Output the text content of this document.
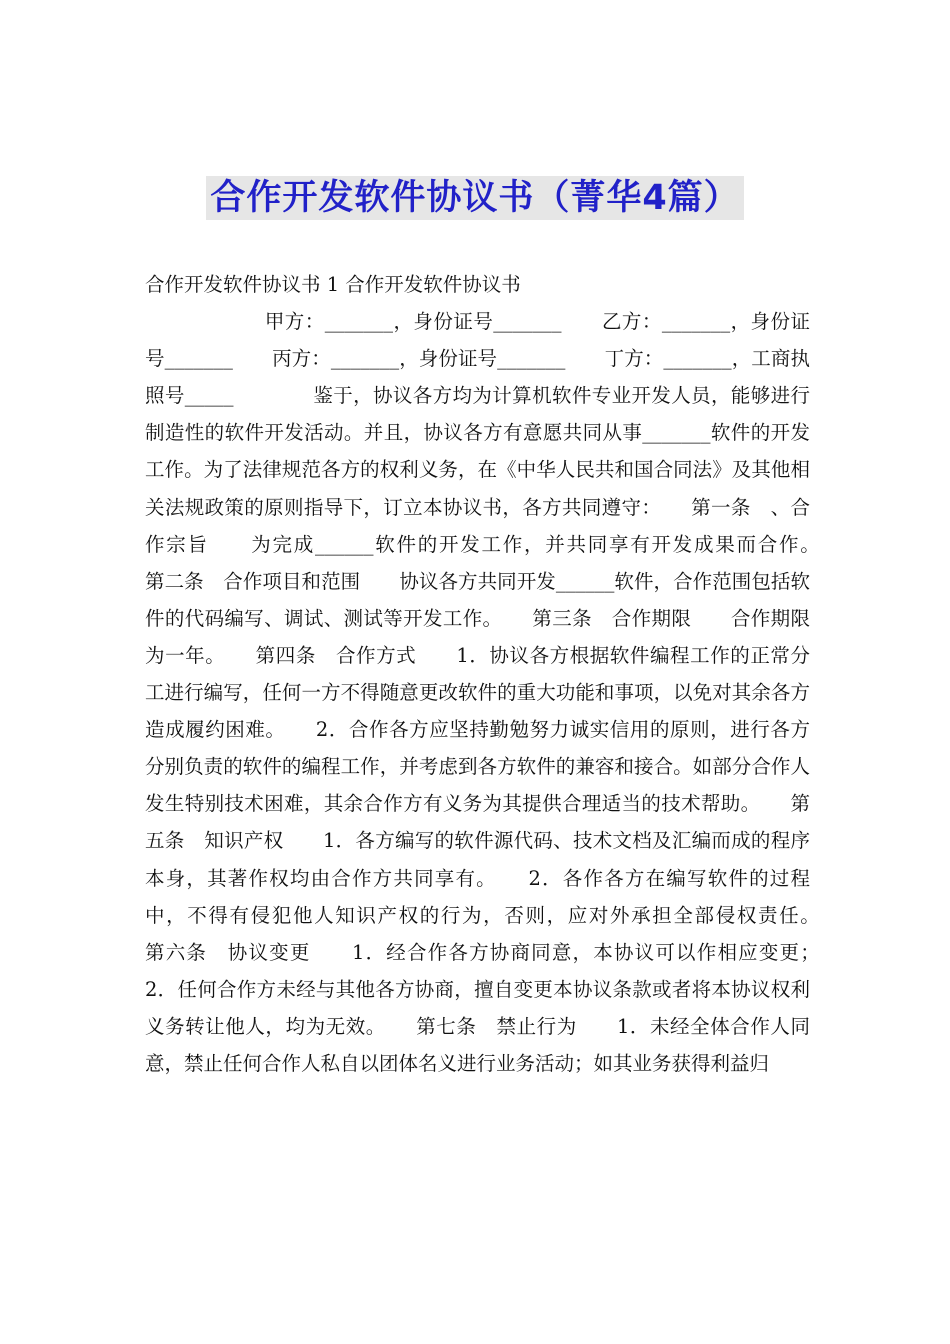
合作开发软件协议书（菁华4篇）

合作开发软件协议书 1 合作开发软件协议书

　　　　　　甲方：_______，身份证号_______　　乙方：_______，身份证号_______　　丙方：_______，身份证号_______　　丁方：_______，工商执照号_____　　　　鉴于，协议各方均为计算机软件专业开发人员，能够进行制造性的软件开发活动。并且，协议各方有意愿共同从事_______软件的开发工作。为了法律规范各方的权利义务，在《中华人民共和国合同法》及其他相关法规政策的原则指导下，订立本协议书，各方共同遵守：　　第一条　、合作宗旨　　为完成______软件的开发工作，并共同享有开发成果而合作。　　第二条　合作项目和范围　　协议各方共同开发______软件，合作范围包括软件的代码编写、调试、测试等开发工作。　　第三条　合作期限　　合作期限为一年。　　第四条　合作方式　　1．协议各方根据软件编程工作的正常分工进行编写，任何一方不得随意更改软件的重大功能和事项，以免对其余各方造成履约困难。　　2．合作各方应坚持勤勉努力诚实信用的原则，进行各方分别负责的软件的编程工作，并考虑到各方软件的兼容和接合。如部分合作人发生特别技术困难，其余合作方有义务为其提供合理适当的技术帮助。　　第五条　知识产权　　1．各方编写的软件源代码、技术文档及汇编而成的程序本身，其著作权均由合作方共同享有。　　2．各作各方在编写软件的过程中，不得有侵犯他人知识产权的行为，否则，应对外承担全部侵权责任。　　第六条　协议变更　　1．经合作各方协商同意，本协议可以作相应变更；　　2．任何合作方未经与其他各方协商，擅自变更本协议条款或者将本协议权利义务转让他人，均为无效。　　第七条　禁止行为　　1．未经全体合作人同意，禁止任何合作人私自以团体名义进行业务活动；如其业务获得利益归
